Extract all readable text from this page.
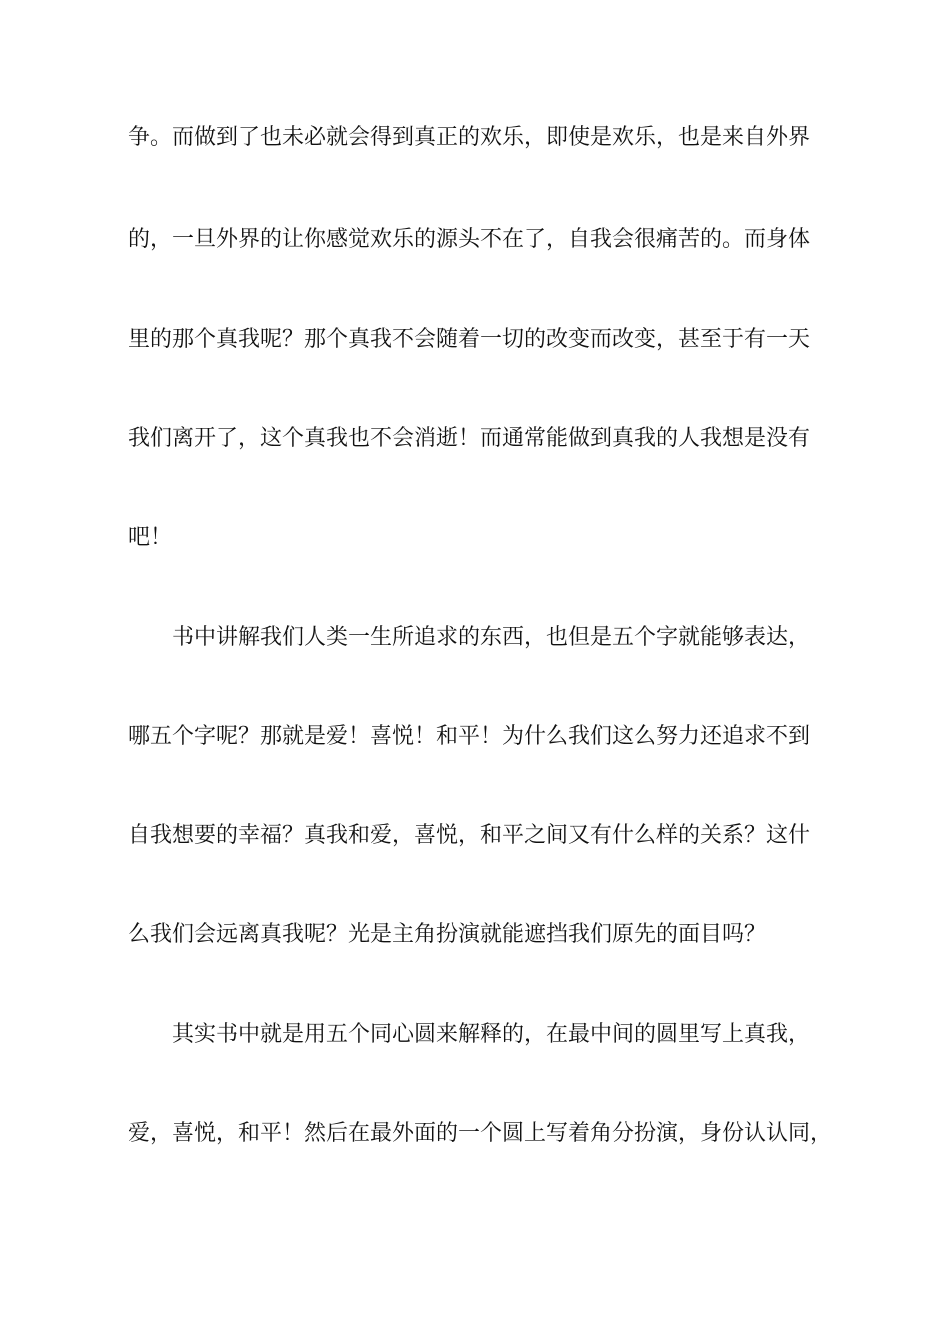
争。而做到了也未必就会得到真正的欢乐，即使是欢乐，也是来自外界

的，一旦外界的让你感觉欢乐的源头不在了，自我会很痛苦的。而身体

里的那个真我呢？那个真我不会随着一切的改变而改变，甚至于有一天

我们离开了，这个真我也不会消逝！而通常能做到真我的人我想是没有

吧！

书中讲解我们人类一生所追求的东西，也但是五个字就能够表达，

哪五个字呢？那就是爱！喜悦！和平！为什么我们这么努力还追求不到

自我想要的幸福？真我和爱，喜悦，和平之间又有什么样的关系？这什

么我们会远离真我呢？光是主角扮演就能遮挡我们原先的面目吗？

其实书中就是用五个同心圆来解释的，在最中间的圆里写上真我，

爱，喜悦，和平！然后在最外面的一个圆上写着角分扮演，身份认认同，
